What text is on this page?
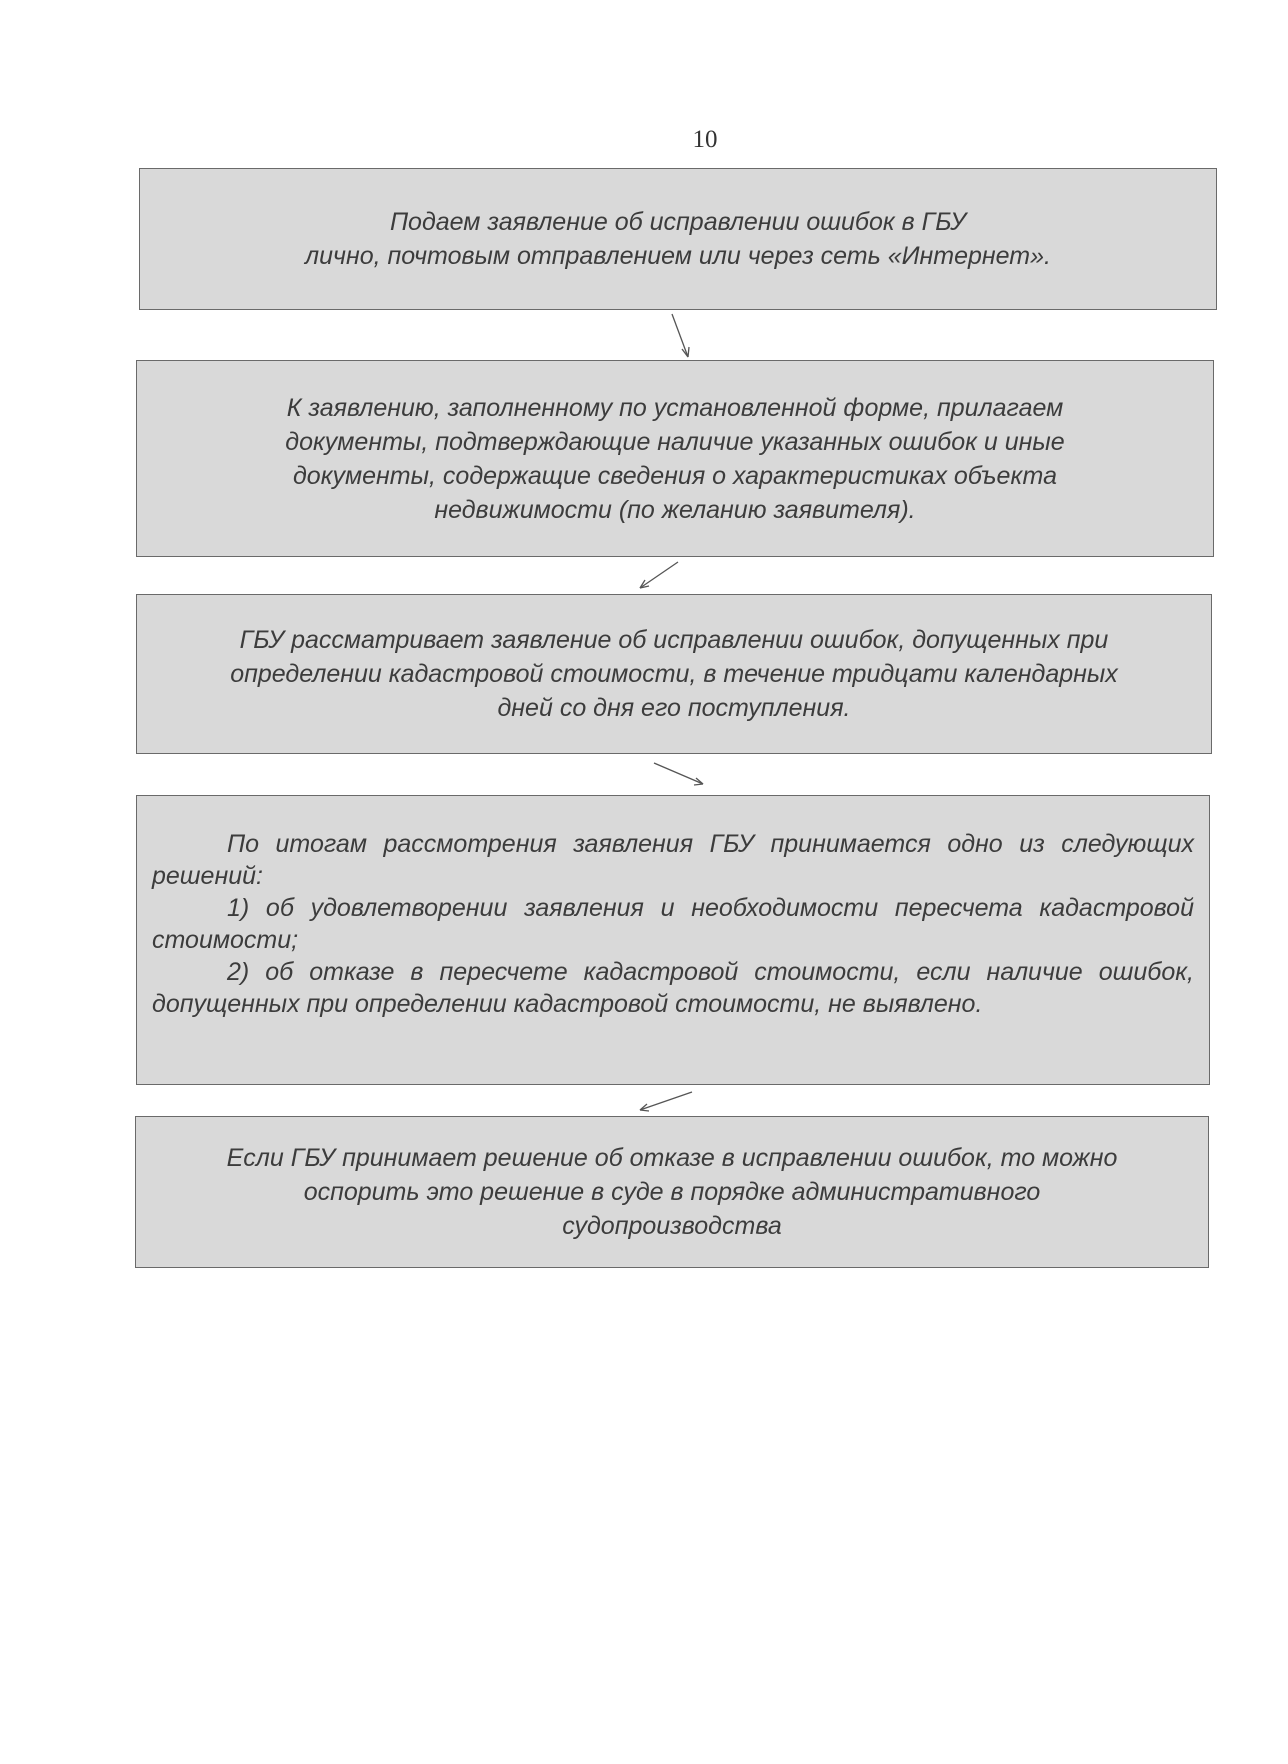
10
Подаем заявление об исправлении ошибок в ГБУ
лично, почтовым отправлением или через сеть «Интернет».
К заявлению, заполненному по установленной форме, прилагаем документы, подтверждающие наличие указанных ошибок и иные документы, содержащие сведения о характеристиках объекта недвижимости (по желанию заявителя).
ГБУ рассматривает заявление об исправлении ошибок, допущенных при определении кадастровой стоимости, в течение тридцати календарных дней со дня его поступления.

По итогам рассмотрения заявления ГБУ принимается одно из следующих решений:

1) об удовлетворении заявления и необходимости пересчета кадастровой стоимости;

2) об отказе в пересчете кадастровой стоимости, если наличие ошибок, допущенных при определении кадастровой стоимости, не выявлено.

Если ГБУ принимает решение об отказе в исправлении ошибок, то можно оспорить это решение в суде в порядке административного судопроизводства
